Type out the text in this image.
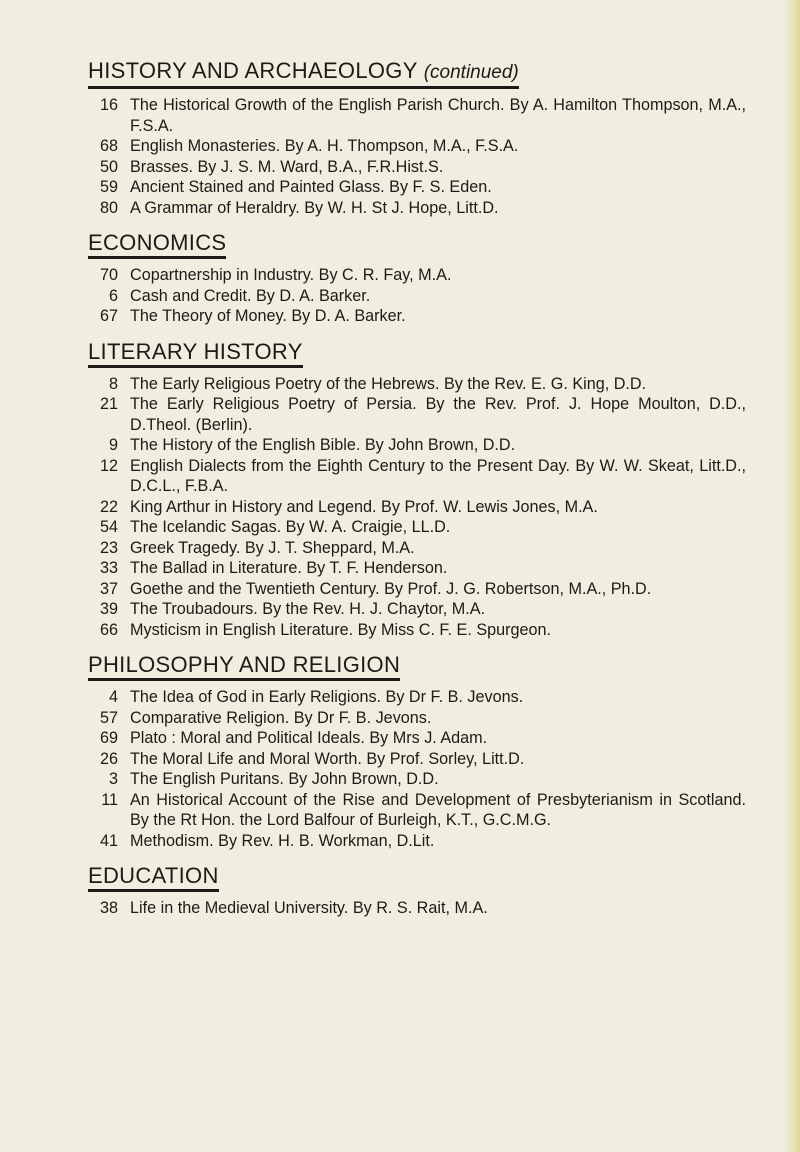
HISTORY AND ARCHAEOLOGY (continued)
16 The Historical Growth of the English Parish Church. By A. Hamilton Thompson, M.A., F.S.A.
68 English Monasteries. By A. H. Thompson, M.A., F.S.A.
50 Brasses. By J. S. M. Ward, B.A., F.R.Hist.S.
59 Ancient Stained and Painted Glass. By F. S. Eden.
80 A Grammar of Heraldry. By W. H. St J. Hope, Litt.D.
ECONOMICS
70 Copartnership in Industry. By C. R. Fay, M.A.
6 Cash and Credit. By D. A. Barker.
67 The Theory of Money. By D. A. Barker.
LITERARY HISTORY
8 The Early Religious Poetry of the Hebrews. By the Rev. E. G. King, D.D.
21 The Early Religious Poetry of Persia. By the Rev. Prof. J. Hope Moulton, D.D., D.Theol. (Berlin).
9 The History of the English Bible. By John Brown, D.D.
12 English Dialects from the Eighth Century to the Present Day. By W. W. Skeat, Litt.D., D.C.L., F.B.A.
22 King Arthur in History and Legend. By Prof. W. Lewis Jones, M.A.
54 The Icelandic Sagas. By W. A. Craigie, LL.D.
23 Greek Tragedy. By J. T. Sheppard, M.A.
33 The Ballad in Literature. By T. F. Henderson.
37 Goethe and the Twentieth Century. By Prof. J. G. Robertson, M.A., Ph.D.
39 The Troubadours. By the Rev. H. J. Chaytor, M.A.
66 Mysticism in English Literature. By Miss C. F. E. Spurgeon.
PHILOSOPHY AND RELIGION
4 The Idea of God in Early Religions. By Dr F. B. Jevons.
57 Comparative Religion. By Dr F. B. Jevons.
69 Plato : Moral and Political Ideals. By Mrs J. Adam.
26 The Moral Life and Moral Worth. By Prof. Sorley, Litt.D.
3 The English Puritans. By John Brown, D.D.
11 An Historical Account of the Rise and Development of Presbyterianism in Scotland. By the Rt Hon. the Lord Balfour of Burleigh, K.T., G.C.M.G.
41 Methodism. By Rev. H. B. Workman, D.Lit.
EDUCATION
38 Life in the Medieval University. By R. S. Rait, M.A.
